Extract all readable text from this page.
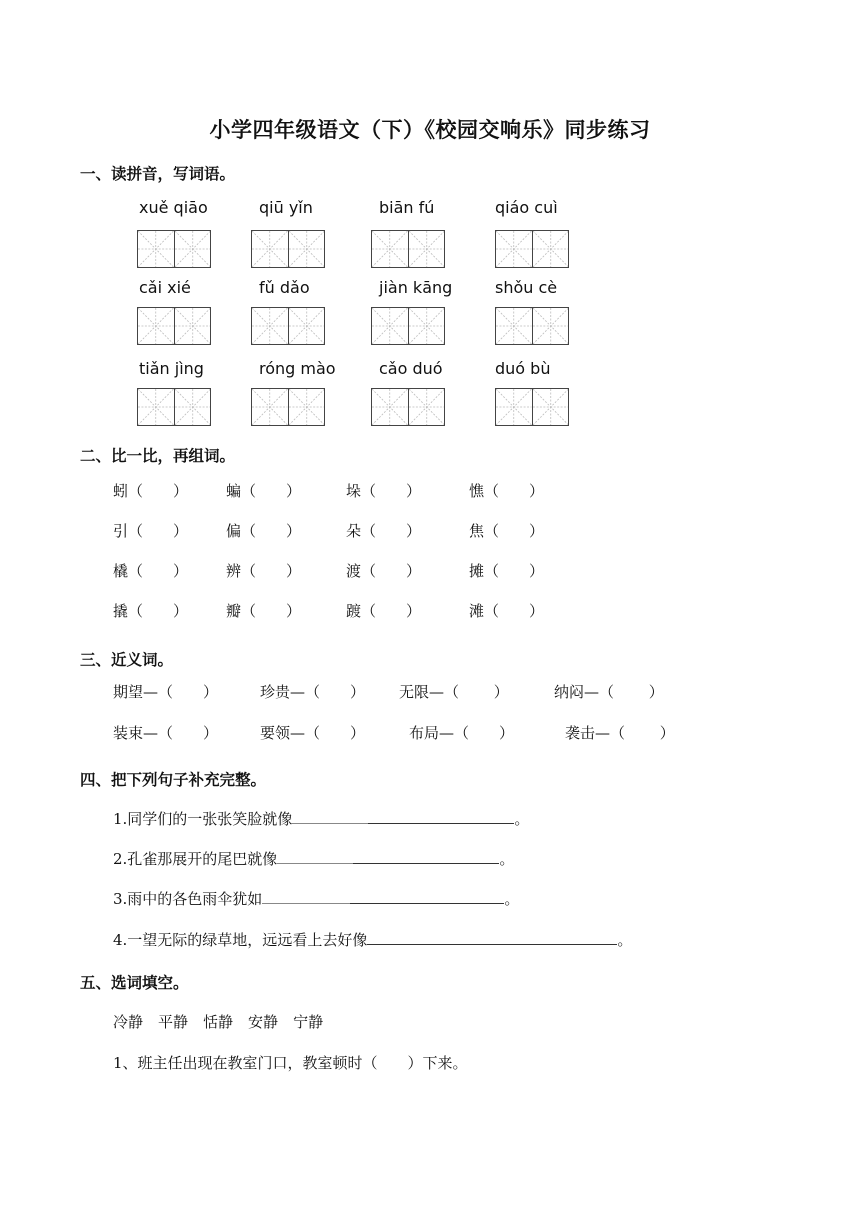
小学四年级语文（下）《校园交响乐》同步练习
一、读拼音，写词语。
xuě qiāo	qiū yǐn	biān fú	qiáo cuì
cǎi xié	fǔ dǎo	jiàn kāng	shǒu cè
tiǎn jìng	róng mào	cǎo duó	duó bù
二、比一比，再组词。
蚓（　　）	蝙（　　）	垛（　　）	憔（　　）
引（　　）	偏（　　）	朵（　　）	焦（　　）
橇（　　）	辨（　　）	渡（　　）	摊（　　）
撬（　　）	瓣（　　）	踱（　　）	滩（　　）
三、近义词。
期望—（　　）	珍贵—（　　） 无限—（　　 ）	纳闷—（　　 ）
装束—（　　）	要领—（　　）	布局—（　　）	袭击—（　　 ）
四、把下列句子补充完整。
1.同学们的一张张笑脸就像	。
2.孔雀那展开的尾巴就像	。
3.雨中的各色雨伞犹如	。
4.一望无际的绿草地，远远看上去好像	。
五、选词填空。
冷静 平静 恬静 安静 宁静
1、班主任出现在教室门口，教室顿时（　　）下来。
